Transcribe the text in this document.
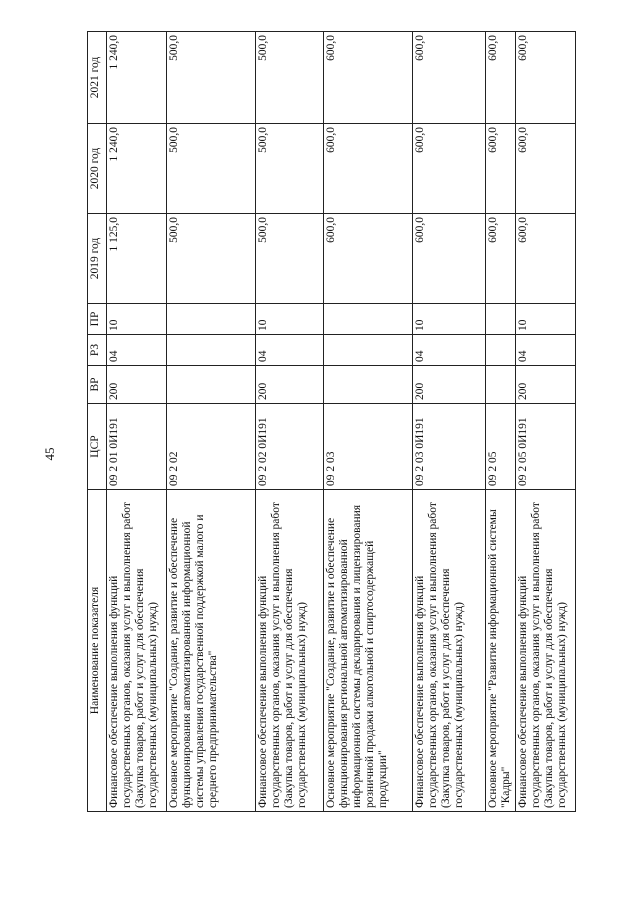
45
Наименование показателя	ЦСР	ВР	РЗ	ПР	2019 год	2020 год	2021 год
Финансовое обеспечение выполнения функций государственных органов, оказания услуг и выполнения работ (Закупка товаров, работ и услуг для обеспечения государственных (муниципальных) нужд)	09 2 01 0И191	200	04	10	1 125,0	1 240,0	1 240,0
Основное мероприятие "Создание, развитие и обеспечение функционирования автоматизированной информационной системы управления государственной поддержкой малого и среднего предпринимательства"	09 2 02				500,0	500,0	500,0
Финансовое обеспечение выполнения функций государственных органов, оказания услуг и выполнения работ (Закупка товаров, работ и услуг для обеспечения государственных (муниципальных) нужд)	09 2 02 0И191	200	04	10	500,0	500,0	500,0
Основное мероприятие "Создание, развитие и обеспечение функционирования региональной автоматизированной информационной системы декларирования и лицензирования розничной продажи алкогольной и спиртосодержащей продукции"	09 2 03				600,0	600,0	600,0
Финансовое обеспечение выполнения функций государственных органов, оказания услуг и выполнения работ (Закупка товаров, работ и услуг для обеспечения государственных (муниципальных) нужд)	09 2 03 0И191	200	04	10	600,0	600,0	600,0
Основное мероприятие "Развитие информационной системы "Кадры"	09 2 05				600,0	600,0	600,0
Финансовое обеспечение выполнения функций государственных органов, оказания услуг и выполнения работ (Закупка товаров, работ и услуг для обеспечения государственных (муниципальных) нужд)	09 2 05 0И191	200	04	10	600,0	600,0	600,0
